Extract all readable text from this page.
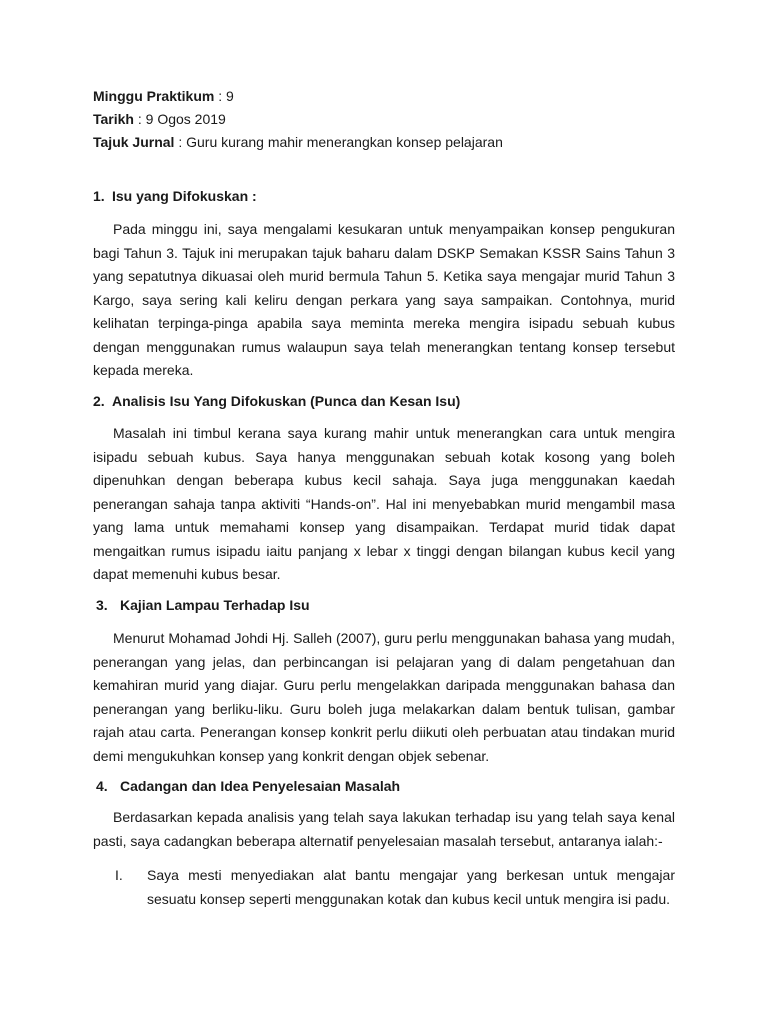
Minggu Praktikum : 9
Tarikh : 9 Ogos 2019
Tajuk Jurnal : Guru kurang mahir menerangkan konsep pelajaran
1. Isu yang Difokuskan :

Pada minggu ini, saya mengalami kesukaran untuk menyampaikan konsep pengukuran bagi Tahun 3. Tajuk ini merupakan tajuk baharu dalam DSKP Semakan KSSR Sains Tahun 3 yang sepatutnya dikuasai oleh murid bermula Tahun 5. Ketika saya mengajar murid Tahun 3 Kargo, saya sering kali keliru dengan perkara yang saya sampaikan. Contohnya, murid kelihatan terpinga-pinga apabila saya meminta mereka mengira isipadu sebuah kubus dengan menggunakan rumus walaupun saya telah menerangkan tentang konsep tersebut kepada mereka.

2. Analisis Isu Yang Difokuskan (Punca dan Kesan Isu)

Masalah ini timbul kerana saya kurang mahir untuk menerangkan cara untuk mengira isipadu sebuah kubus. Saya hanya menggunakan sebuah kotak kosong yang boleh dipenuhkan dengan beberapa kubus kecil sahaja. Saya juga menggunakan kaedah penerangan sahaja tanpa aktiviti “Hands-on”. Hal ini menyebabkan murid mengambil masa yang lama untuk memahami konsep yang disampaikan. Terdapat murid tidak dapat mengaitkan rumus isipadu iaitu panjang x lebar x tinggi dengan bilangan kubus kecil yang dapat memenuhi kubus besar.

3. Kajian Lampau Terhadap Isu

Menurut Mohamad Johdi Hj. Salleh (2007), guru perlu menggunakan bahasa yang mudah, penerangan yang jelas, dan perbincangan isi pelajaran yang di dalam pengetahuan dan kemahiran murid yang diajar. Guru perlu mengelakkan daripada menggunakan bahasa dan penerangan yang berliku-liku. Guru boleh juga melakarkan dalam bentuk tulisan, gambar rajah atau carta. Penerangan konsep konkrit perlu diikuti oleh perbuatan atau tindakan murid demi mengukuhkan konsep yang konkrit dengan objek sebenar.

4. Cadangan dan Idea Penyelesaian Masalah

Berdasarkan kepada analisis yang telah saya lakukan terhadap isu yang telah saya kenal pasti, saya cadangkan beberapa alternatif penyelesaian masalah tersebut, antaranya ialah:-

I. Saya mesti menyediakan alat bantu mengajar yang berkesan untuk mengajar sesuatu konsep seperti menggunakan kotak dan kubus kecil untuk mengira isi padu.
